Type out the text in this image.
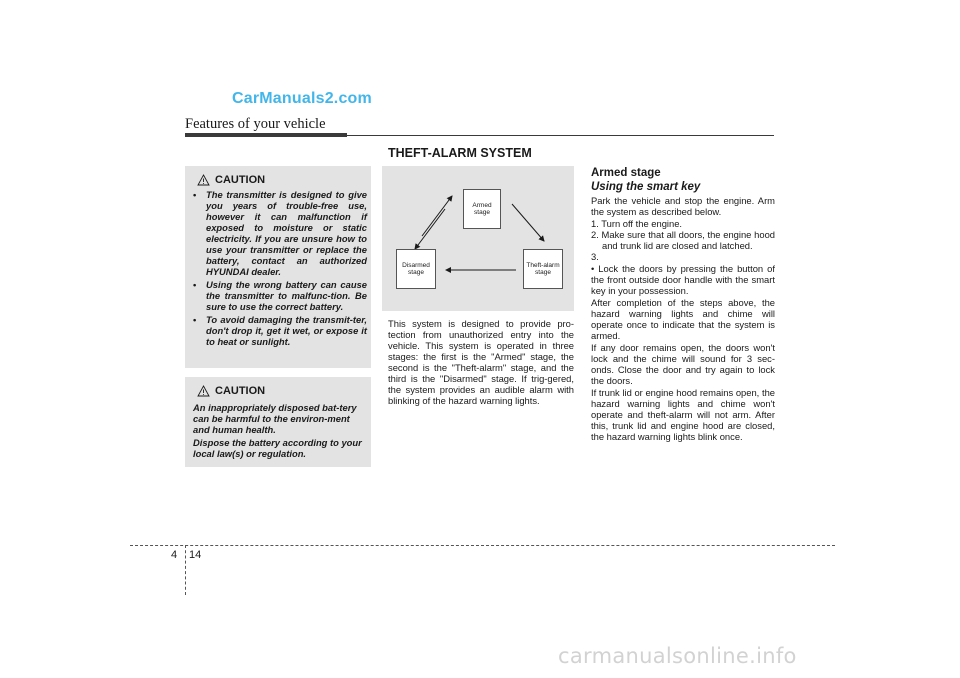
CarManuals2.com
Features of your vehicle
THEFT-ALARM SYSTEM
CAUTION
• The transmitter is designed to give you years of trouble-free use, however it can malfunction if exposed to moisture or static electricity. If you are unsure how to use your transmitter or replace the battery, contact an authorized HYUNDAI dealer.
• Using the wrong battery can cause the transmitter to malfunc-tion. Be sure to use the correct battery.
• To avoid damaging the transmit-ter, don't drop it, get it wet, or expose it to heat or sunlight.
CAUTION

An inappropriately disposed bat-tery can be harmful to the environ-ment and human health.

Dispose the battery according to your local law(s) or regulation.

Armed stage
Disarmed stage
Theft-alarm stage
This system is designed to provide pro-tection from unauthorized entry into the vehicle. This system is operated in three stages: the first is the "Armed" stage, the second is the "Theft-alarm" stage, and the third is the "Disarmed" stage. If trig-gered, the system provides an audible alarm with blinking of the hazard warning lights.

Armed stage

Using the smart key

Park the vehicle and stop the engine. Arm the system as described below.

1. Turn off the engine.

2. Make sure that all doors, the engine hood and trunk lid are closed and latched.

3.

• Lock the doors by pressing the button of the front outside door handle with the smart key in your possession.

After completion of the steps above, the hazard warning lights and chime will operate once to indicate that the system is armed.

If any door remains open, the doors won't lock and the chime will sound for 3 sec-onds. Close the door and try again to lock the doors.

If trunk lid or engine hood remains open, the hazard warning lights and chime won't operate and theft-alarm will not arm. After this, trunk lid and engine hood are closed, the hazard warning lights blink once.

4 14
carmanualsonline.info
